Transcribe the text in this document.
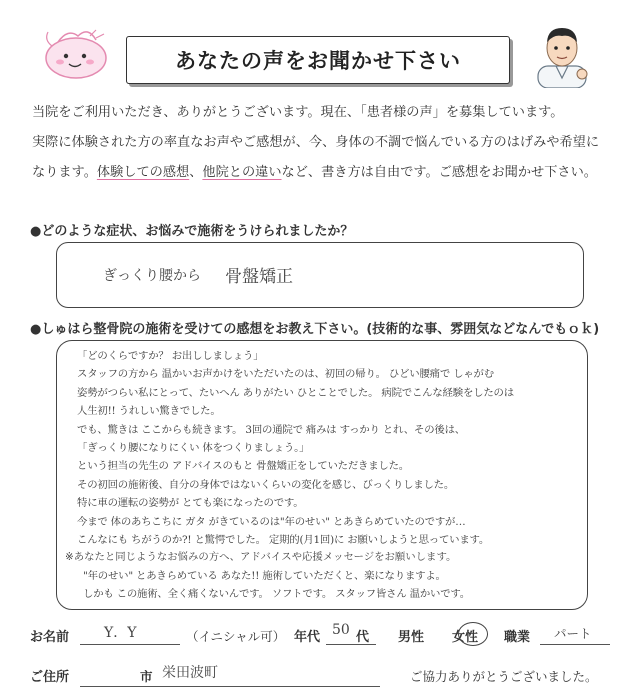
あなたの声をお聞かせ下さい
当院をご利用いただき、ありがとうございます。現在、「患者様の声」を募集しています。
実際に体験された方の率直なお声やご感想が、今、身体の不調で悩んでいる方のはげみや希望に
なります。体験しての感想、他院との違いなど、書き方は自由です。ご感想をお聞かせ下さい。
●どのような症状、お悩みで施術をうけられましたか？
ぎっくり腰から 骨盤矯正
●しゅはら整骨院の施術を受けての感想をお教え下さい。(技術的な事、雰囲気などなんでもｏｋ)
「どのくらですか？ お出ししましょう」
スタッフの方から 温かいお声かけをいただいたのは、初回の帰り。 ひどい腰痛で しゃがむ
姿勢がつらい私にとって、たいへん ありがたい ひとことでした。 病院でこんな経験をしたのは
人生初!! うれしい驚きでした。
でも、驚きは ここからも続きます。 3回の通院で 痛みは すっかり とれ、その後は、
「ぎっくり腰になりにくい 体をつくりましょう。」
という担当の先生の アドバイスのもと 骨盤矯正をしていただきました。
その初回の施術後、自分の身体ではないくらいの変化を感じ、びっくりしました。
特に車の運転の姿勢が とても楽になったのです。
今まで 体のあちこちに ガタ がきているのは"年のせい" とあきらめていたのですが…
こんなにも ちがうのか?! と驚愕でした。 定期的(月1回)に お願いしようと思っています。
※あなたと同じようなお悩みの方へ、アドバイスや応援メッセージをお願いします。
"年のせい" とあきらめている あなた!! 施術していただくと、楽になりますよ。
しかも この施術、全く痛くないんです。 ソフトです。 スタッフ皆さん 温かいです。
お名前 Y．Y	（イニシャル可） 年代 50 代 男性 女性 職業 パート
ご住所	市 栄田波町	ご協力ありがとうございました。
